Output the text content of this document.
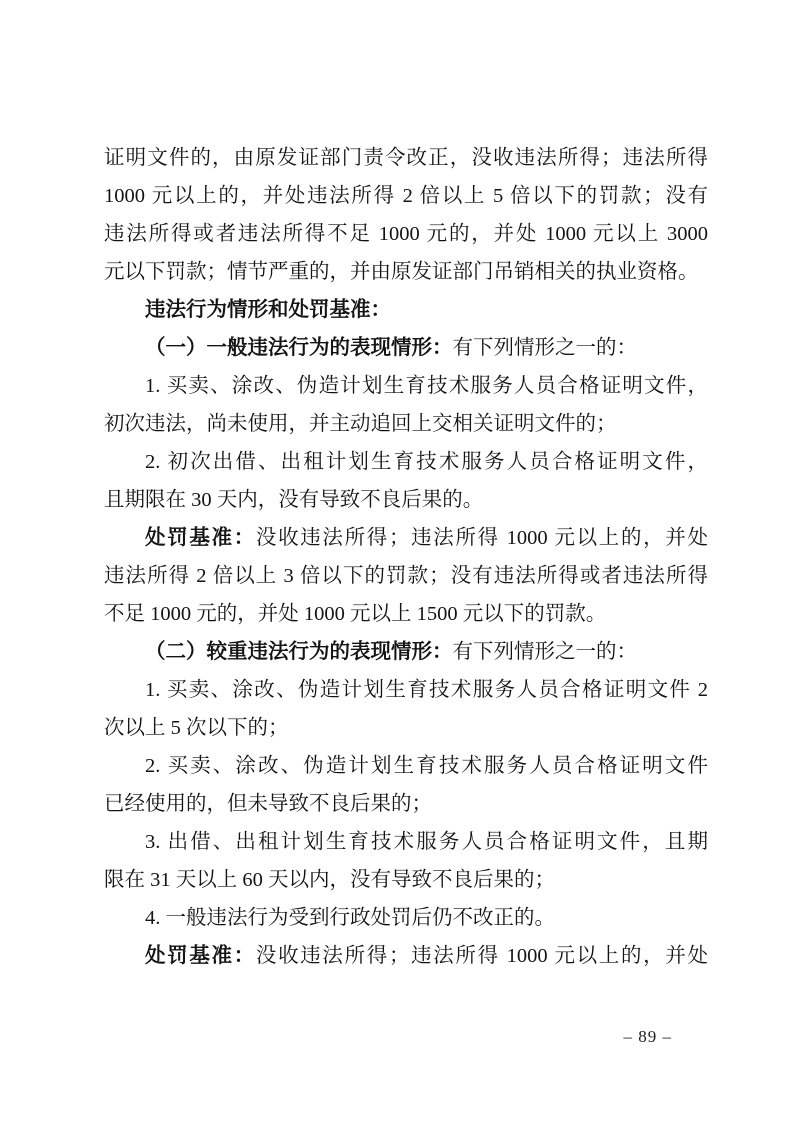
证明文件的，由原发证部门责令改正，没收违法所得；违法所得
1000 元以上的，并处违法所得 2 倍以上 5 倍以下的罚款；没有
违法所得或者违法所得不足 1000 元的，并处 1000 元以上 3000
元以下罚款；情节严重的，并由原发证部门吊销相关的执业资格。
违法行为情形和处罚基准：
（一）一般违法行为的表现情形：有下列情形之一的：
1. 买卖、涂改、伪造计划生育技术服务人员合格证明文件，
初次违法，尚未使用，并主动追回上交相关证明文件的；
2. 初次出借、出租计划生育技术服务人员合格证明文件，
且期限在 30 天内，没有导致不良后果的。
处罚基准：没收违法所得；违法所得 1000 元以上的，并处
违法所得 2 倍以上 3 倍以下的罚款；没有违法所得或者违法所得
不足 1000 元的，并处 1000 元以上 1500 元以下的罚款。
（二）较重违法行为的表现情形：有下列情形之一的：
1. 买卖、涂改、伪造计划生育技术服务人员合格证明文件 2
次以上 5 次以下的；
2. 买卖、涂改、伪造计划生育技术服务人员合格证明文件
已经使用的，但未导致不良后果的；
3. 出借、出租计划生育技术服务人员合格证明文件，且期
限在 31 天以上 60 天以内，没有导致不良后果的；
4. 一般违法行为受到行政处罚后仍不改正的。
处罚基准：没收违法所得；违法所得 1000 元以上的，并处
– 89 –
